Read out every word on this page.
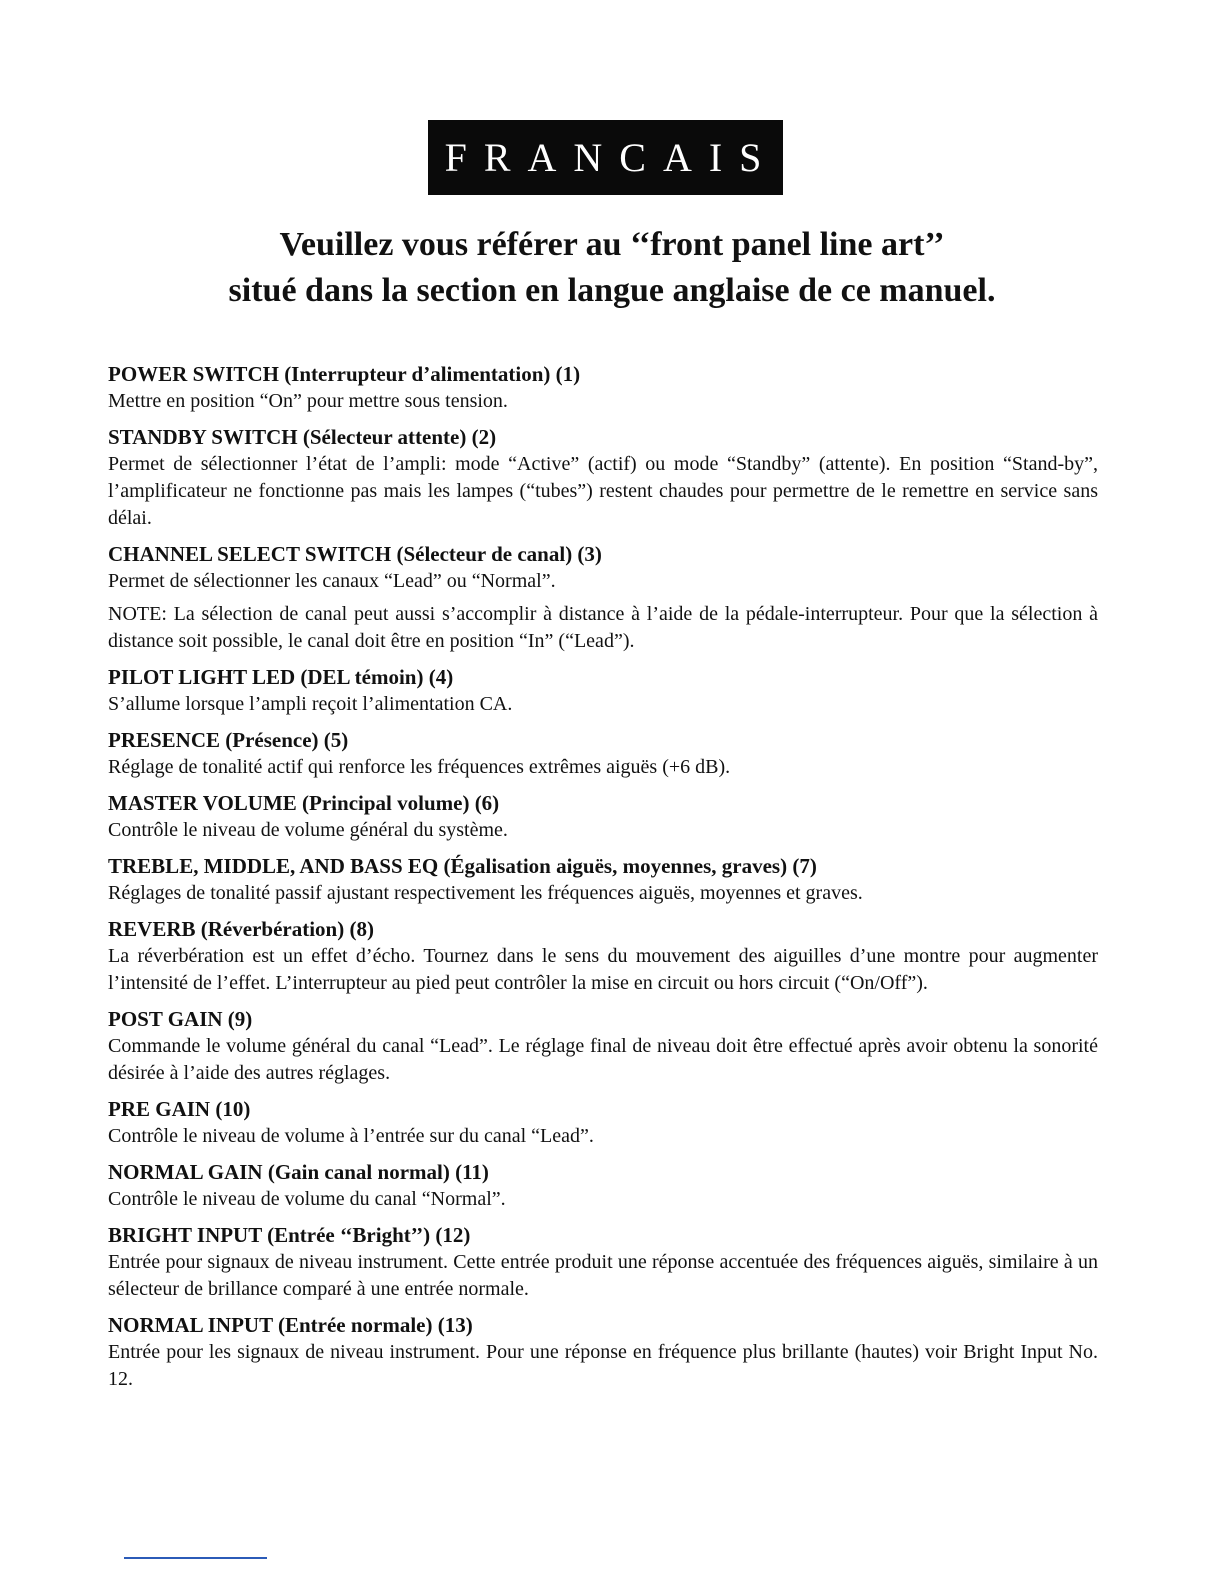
FRANCAIS
Veuillez vous référer au ‘‘front panel line art’’
situé dans la section en langue anglaise de ce manuel.

POWER SWITCH (Interrupteur d’alimentation) (1)

Mettre en position “On” pour mettre sous tension.

STANDBY SWITCH (Sélecteur attente) (2)

Permet de sélectionner l’état de l’ampli: mode “Active” (actif) ou mode “Standby” (attente). En position “Stand-by”, l’amplificateur ne fonctionne pas mais les lampes (“tubes”) restent chaudes pour permettre de le remettre en service sans délai.

CHANNEL SELECT SWITCH (Sélecteur de canal) (3)

Permet de sélectionner les canaux “Lead” ou “Normal”.

NOTE: La sélection de canal peut aussi s’accomplir à distance à l’aide de la pédale-interrupteur. Pour que la sélection à distance soit possible, le canal doit être en position “In” (“Lead”).

PILOT LIGHT LED (DEL témoin) (4)

S’allume lorsque l’ampli reçoit l’alimentation CA.

PRESENCE (Présence) (5)

Réglage de tonalité actif qui renforce les fréquences extrêmes aiguës (+6 dB).

MASTER VOLUME (Principal volume) (6)

Contrôle le niveau de volume général du système.

TREBLE, MIDDLE, AND BASS EQ (Égalisation aiguës, moyennes, graves) (7)

Réglages de tonalité passif ajustant respectivement les fréquences aiguës, moyennes et graves.

REVERB (Réverbération) (8)

La réverbération est un effet d’écho. Tournez dans le sens du mouvement des aiguilles d’une montre pour augmenter l’intensité de l’effet. L’interrupteur au pied peut contrôler la mise en circuit ou hors circuit (“On/Off”).

POST GAIN (9)

Commande le volume général du canal “Lead”. Le réglage final de niveau doit être effectué après avoir obtenu la sonorité désirée à l’aide des autres réglages.

PRE GAIN (10)

Contrôle le niveau de volume à l’entrée sur du canal “Lead”.

NORMAL GAIN (Gain canal normal) (11)

Contrôle le niveau de volume du canal “Normal”.

BRIGHT INPUT (Entrée ‘‘Bright’’) (12)

Entrée pour signaux de niveau instrument. Cette entrée produit une réponse accentuée des fréquences aiguës, similaire à un sélecteur de brillance comparé à une entrée normale.

NORMAL INPUT (Entrée normale) (13)

Entrée pour les signaux de niveau instrument. Pour une réponse en fréquence plus brillante (hautes) voir Bright Input No. 12.
